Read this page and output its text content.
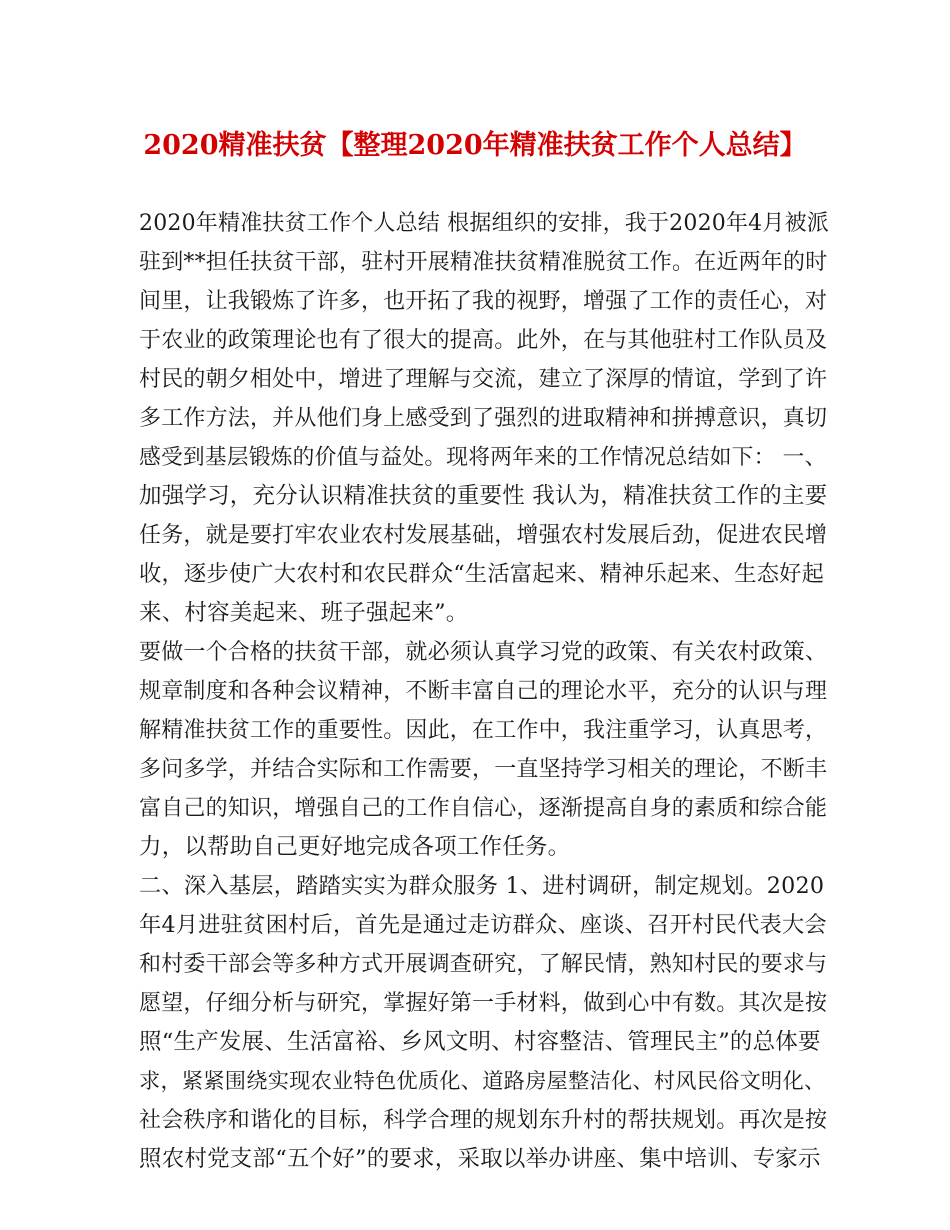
2020精准扶贫【整理2020年精准扶贫工作个人总结】
2020年精准扶贫工作个人总结 根据组织的安排，我于2020年4月被派
驻到**担任扶贫干部，驻村开展精准扶贫精准脱贫工作。在近两年的时
间里，让我锻炼了许多，也开拓了我的视野，增强了工作的责任心，对
于农业的政策理论也有了很大的提高。此外，在与其他驻村工作队员及
村民的朝夕相处中，增进了理解与交流，建立了深厚的情谊，学到了许
多工作方法，并从他们身上感受到了强烈的进取精神和拼搏意识，真切
感受到基层锻炼的价值与益处。现将两年来的工作情况总结如下： 一、
加强学习，充分认识精准扶贫的重要性 我认为，精准扶贫工作的主要
任务，就是要打牢农业农村发展基础，增强农村发展后劲，促进农民增
收，逐步使广大农村和农民群众“生活富起来、精神乐起来、生态好起
来、村容美起来、班子强起来”。
要做一个合格的扶贫干部，就必须认真学习党的政策、有关农村政策、
规章制度和各种会议精神，不断丰富自己的理论水平，充分的认识与理
解精准扶贫工作的重要性。因此，在工作中，我注重学习，认真思考，
多问多学，并结合实际和工作需要，一直坚持学习相关的理论，不断丰
富自己的知识，增强自己的工作自信心，逐渐提高自身的素质和综合能
力，以帮助自己更好地完成各项工作任务。
二、深入基层，踏踏实实为群众服务 1、进村调研，制定规划。2020
年4月进驻贫困村后，首先是通过走访群众、座谈、召开村民代表大会
和村委干部会等多种方式开展调查研究，了解民情，熟知村民的要求与
愿望，仔细分析与研究，掌握好第一手材料，做到心中有数。其次是按
照“生产发展、生活富裕、乡风文明、村容整洁、管理民主”的总体要
求，紧紧围绕实现农业特色优质化、道路房屋整洁化、村风民俗文明化、
社会秩序和谐化的目标，科学合理的规划东升村的帮扶规划。再次是按
照农村党支部“五个好”的要求，采取以举办讲座、集中培训、专家示
